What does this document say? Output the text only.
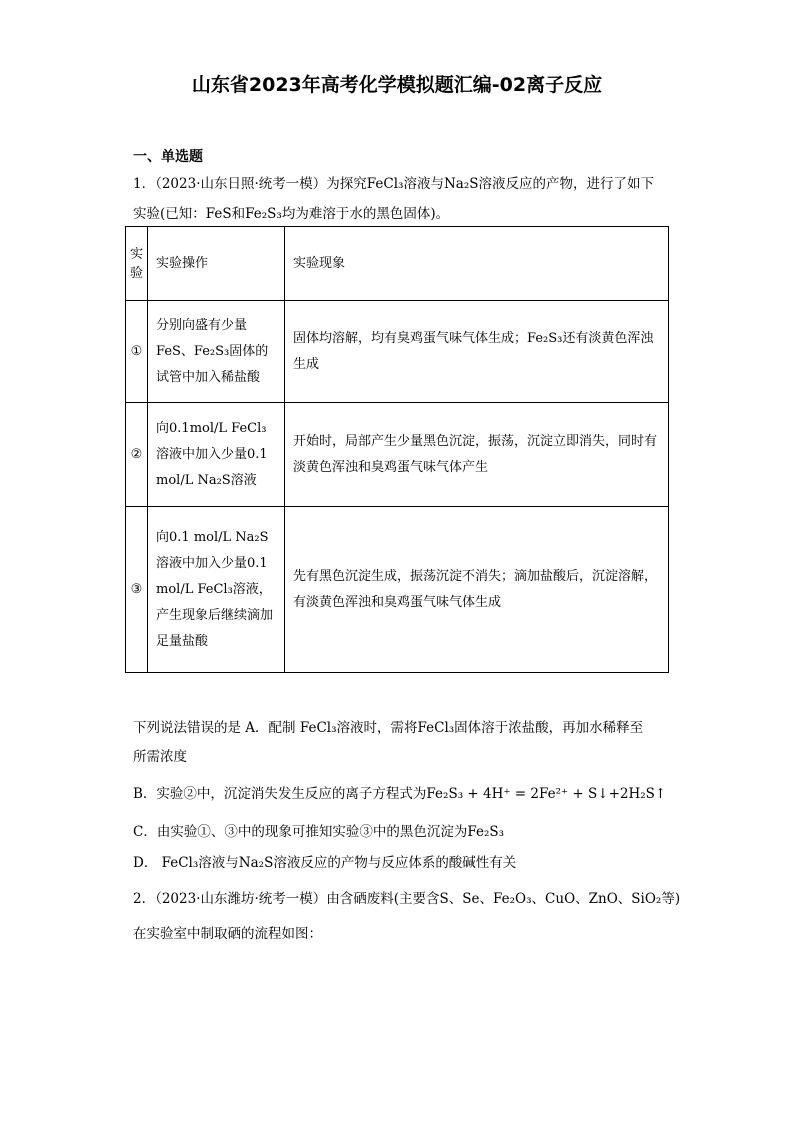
山东省2023年高考化学模拟题汇编-02离子反应
一、单选题
1．（2023·山东日照·统考一模）为探究FeCl₃溶液与Na₂S溶液反应的产物，进行了如下
实验(已知：FeS和Fe₂S₃均为难溶于水的黑色固体)。
实验	实验操作	实验现象
①	分别向盛有少量FeS、Fe₂S₃固体的试管中加入稀盐酸	固体均溶解，均有臭鸡蛋气味气体生成；Fe₂S₃还有淡黄色浑浊生成
②	向0.1mol/L FeCl₃溶液中加入少量0.1 mol/L Na₂S溶液	开始时，局部产生少量黑色沉淀，振荡，沉淀立即消失，同时有淡黄色浑浊和臭鸡蛋气味气体产生
③	向0.1 mol/L Na₂S溶液中加入少量0.1 mol/L FeCl₃溶液，产生现象后继续滴加足量盐酸	先有黑色沉淀生成，振荡沉淀不消失；滴加盐酸后，沉淀溶解，有淡黄色浑浊和臭鸡蛋气味气体生成
下列说法错误的是 A．配制 FeCl₃溶液时，需将FeCl₃固体溶于浓盐酸，再加水稀释至
所需浓度
B．实验②中，沉淀消失发生反应的离子方程式为Fe₂S₃ + 4H⁺ = 2Fe²⁺ + S↓+2H₂S↑
C．由实验①、③中的现象可推知实验③中的黑色沉淀为Fe₂S₃
D． FeCl₃溶液与Na₂S溶液反应的产物与反应体系的酸碱性有关
2．（2023·山东潍坊·统考一模）由含硒废料(主要含S、Se、Fe₂O₃、CuO、ZnO、SiO₂等)
在实验室中制取硒的流程如图：
